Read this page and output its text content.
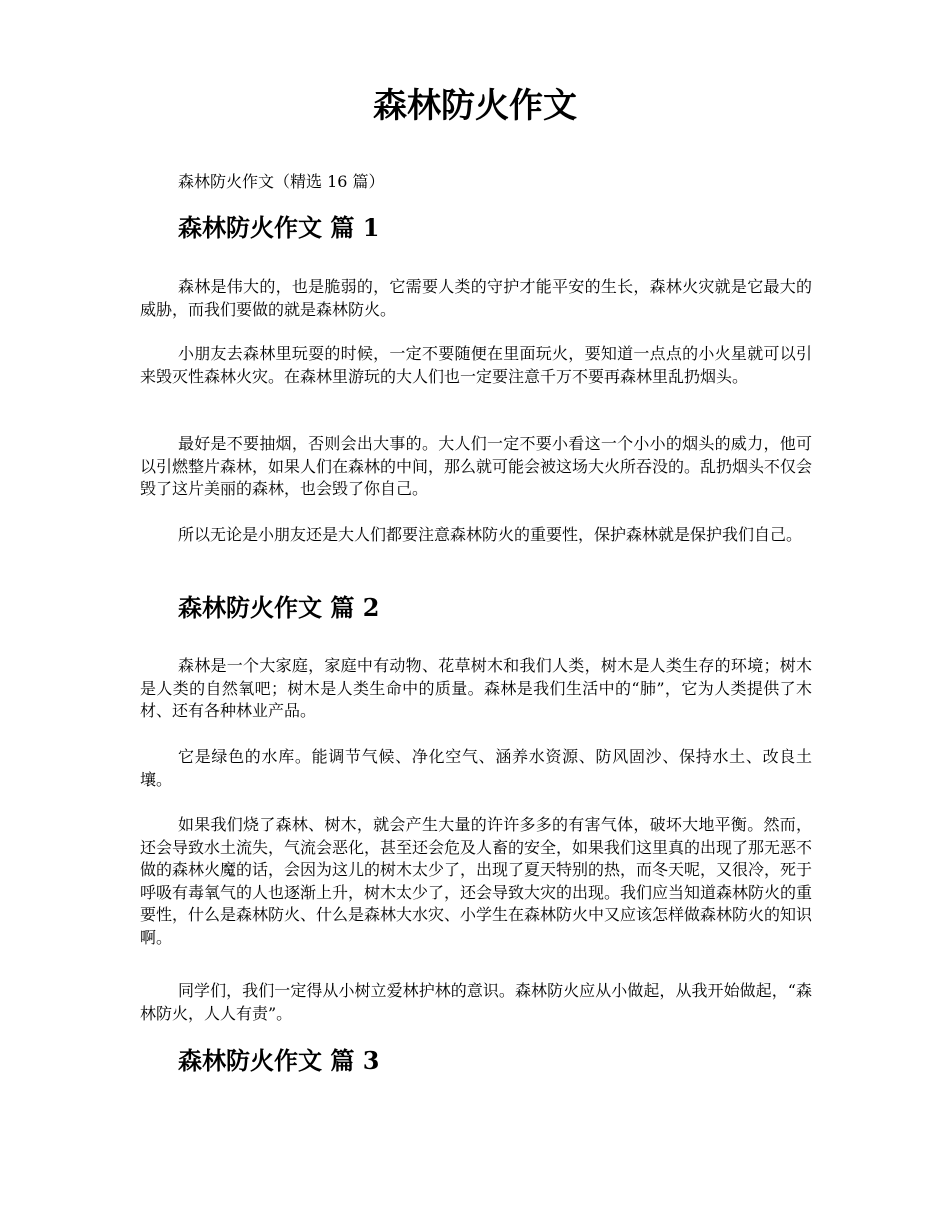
森林防火作文

森林防火作文（精选 16 篇）

森林防火作文 篇 1

森林是伟大的，也是脆弱的，它需要人类的守护才能平安的生长，森林火灾就是它最大的威胁，而我们要做的就是森林防火。

小朋友去森林里玩耍的时候，一定不要随便在里面玩火，要知道一点点的小火星就可以引来毁灭性森林火灾。在森林里游玩的大人们也一定要注意千万不要再森林里乱扔烟头。

最好是不要抽烟，否则会出大事的。大人们一定不要小看这一个小小的烟头的威力，他可以引燃整片森林，如果人们在森林的中间，那么就可能会被这场大火所吞没的。乱扔烟头不仅会毁了这片美丽的森林，也会毁了你自己。

所以无论是小朋友还是大人们都要注意森林防火的重要性，保护森林就是保护我们自己。

森林防火作文 篇 2

森林是一个大家庭，家庭中有动物、花草树木和我们人类，树木是人类生存的环境；树木是人类的自然氧吧；树木是人类生命中的质量。森林是我们生活中的“肺”，它为人类提供了木材、还有各种林业产品。

它是绿色的水库。能调节气候、净化空气、涵养水资源、防风固沙、保持水土、改良土壤。

如果我们烧了森林、树木，就会产生大量的许许多多的有害气体，破坏大地平衡。然而，还会导致水土流失，气流会恶化，甚至还会危及人畜的安全，如果我们这里真的出现了那无恶不做的森林火魔的话，会因为这儿的树木太少了，出现了夏天特别的热，而冬天呢，又很冷，死于呼吸有毒氧气的人也逐渐上升，树木太少了，还会导致大灾的出现。我们应当知道森林防火的重要性，什么是森林防火、什么是森林大水灾、小学生在森林防火中又应该怎样做森林防火的知识啊。

同学们，我们一定得从小树立爱林护林的意识。森林防火应从小做起，从我开始做起，“森林防火，人人有责”。

森林防火作文 篇 3
